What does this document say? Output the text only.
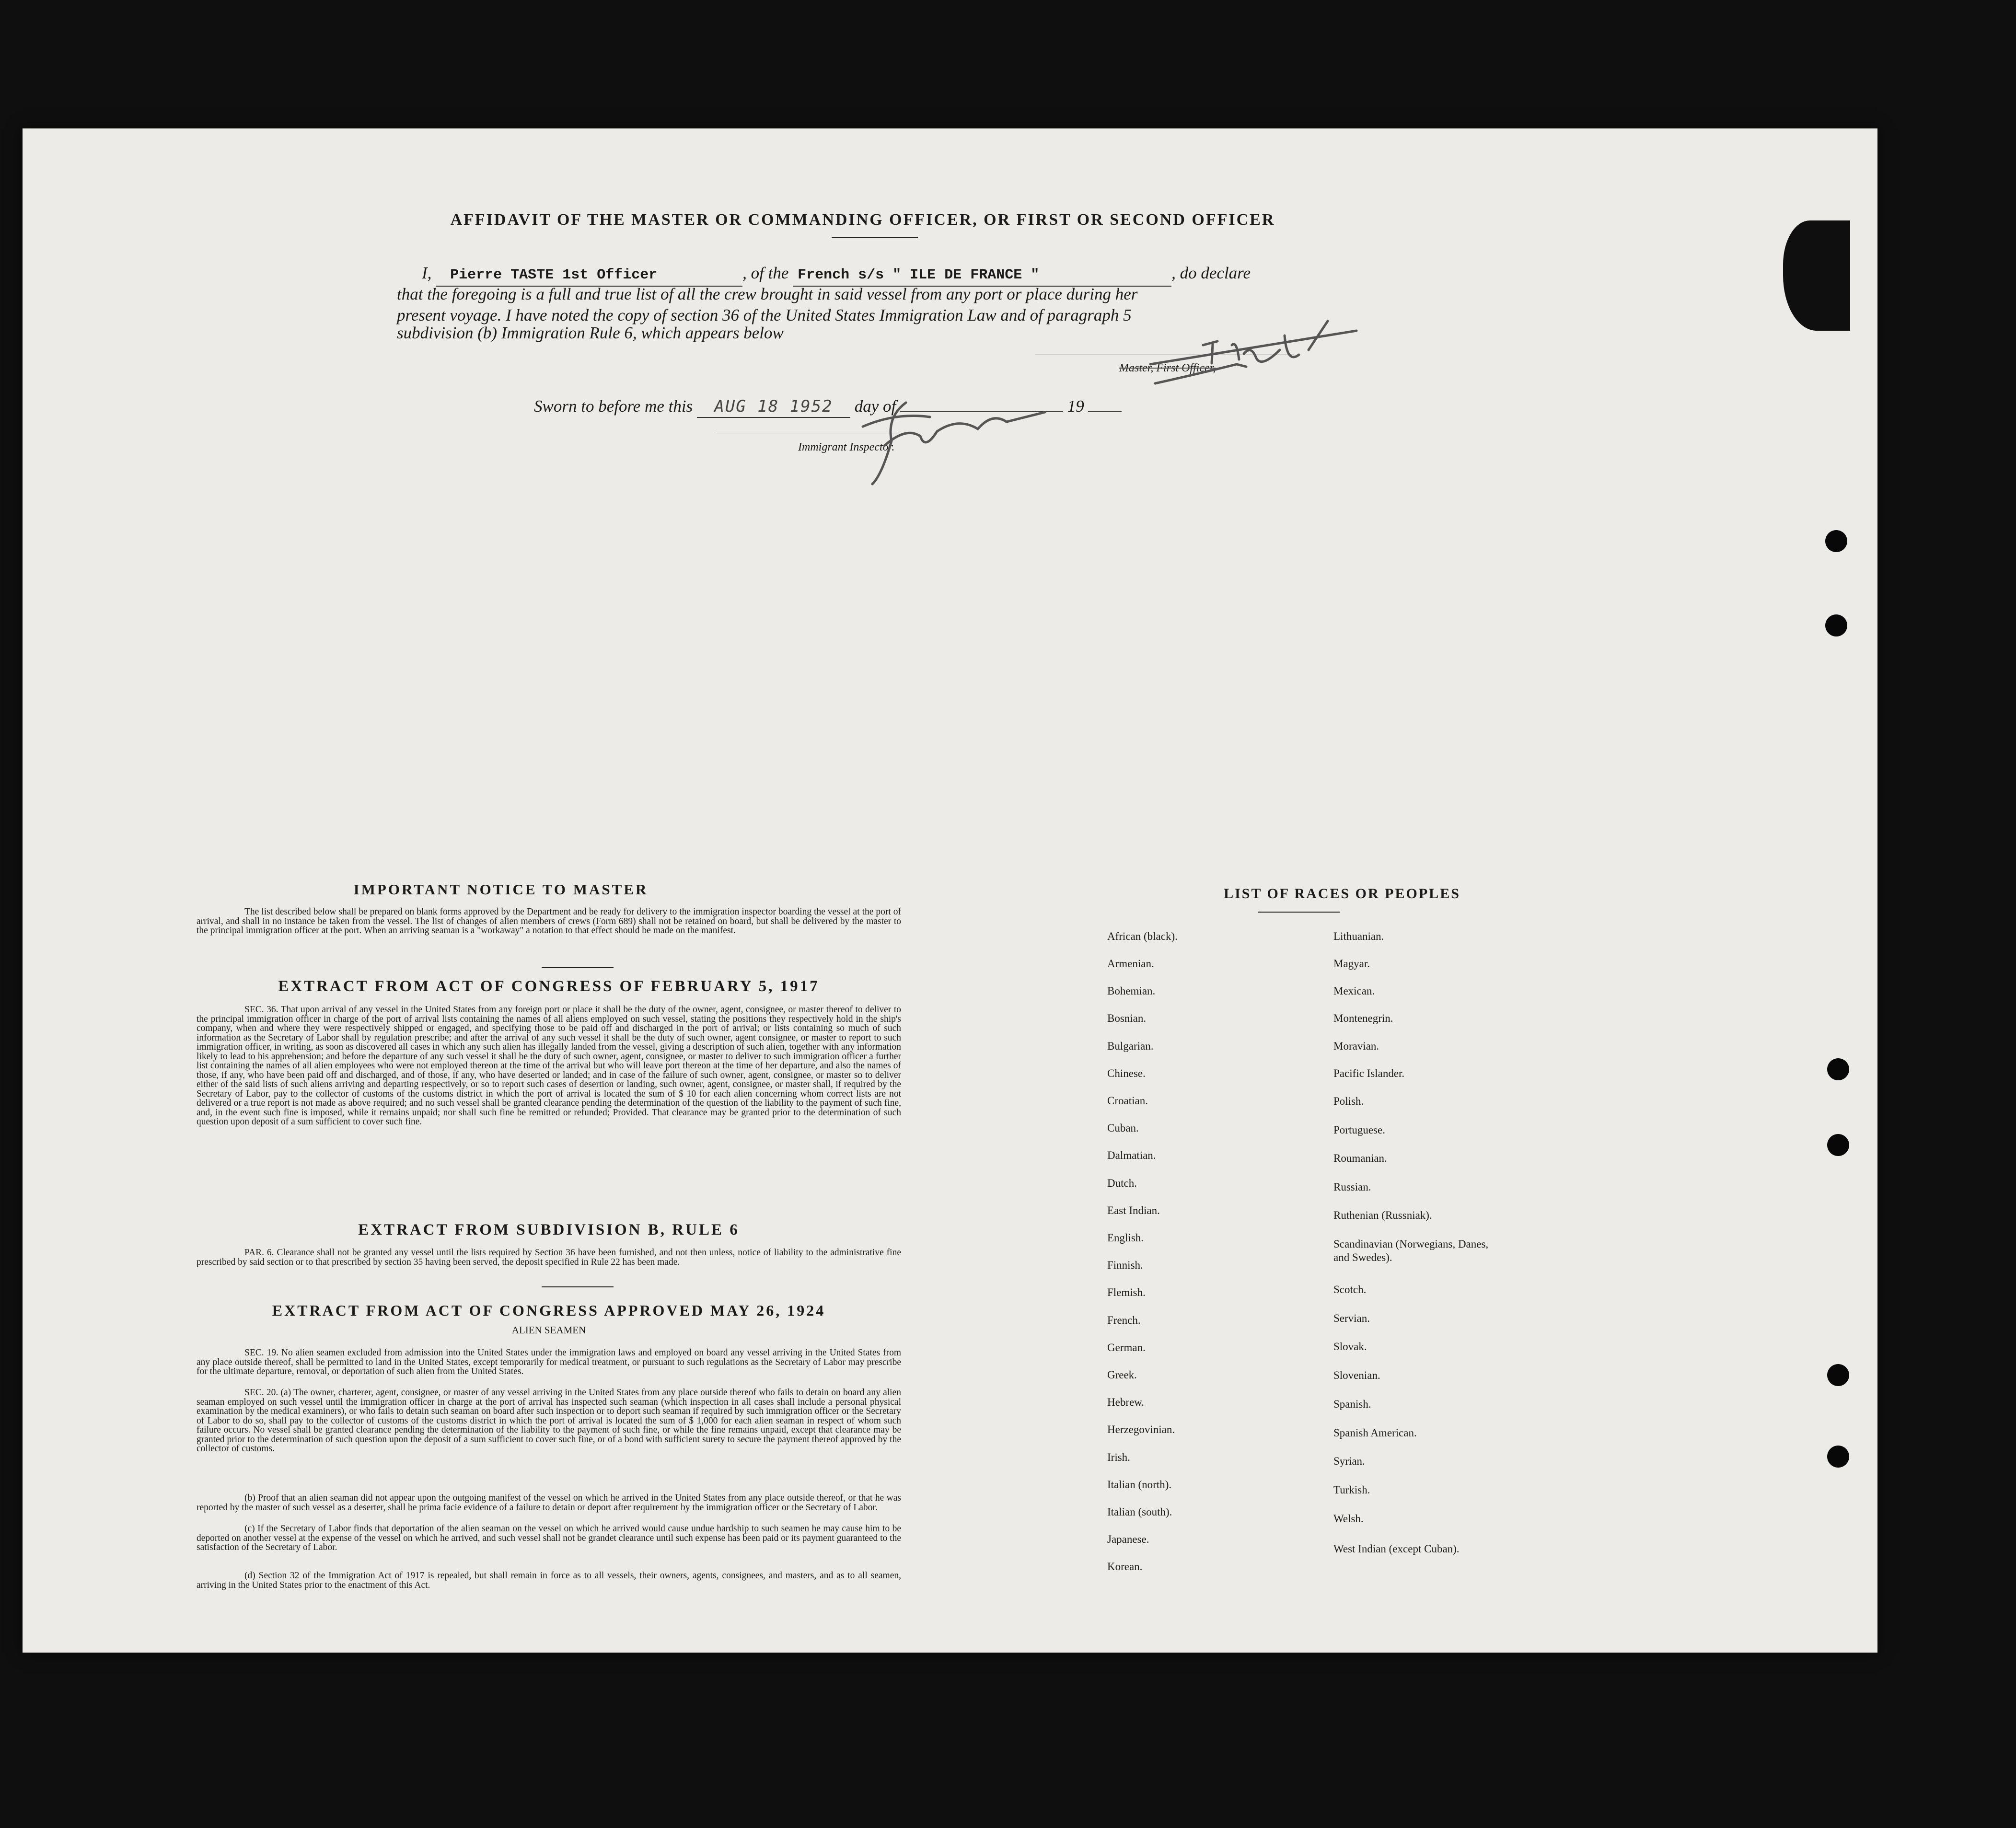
AFFIDAVIT OF THE MASTER OR COMMANDING OFFICER, OR FIRST OR SECOND OFFICER
I, Pierre TASTE 1st Officer	, of the French s/s " ILE DE FRANCE "	, do declare
that the foregoing is a full and true list of all the crew brought in said vessel from any port or place during her
present voyage. I have noted the copy of section 36 of the United States Immigration Law and of paragraph 5
subdivision (b) Immigration Rule 6, which appears below
Master, First Officer,
Sworn to before me this AUG 18 1952 day of	19
Immigrant Inspector.
IMPORTANT NOTICE TO MASTER
The list described below shall be prepared on blank forms approved by the Department and be ready for delivery to the immigration inspector boarding the vessel at the port of arrival, and shall in no instance be taken from the vessel. The list of changes of alien members of crews (Form 689) shall not be retained on board, but shall be delivered by the master to the principal immigration officer at the port. When an arriving seaman is a "workaway" a notation to that effect should be made on the manifest.
EXTRACT FROM ACT OF CONGRESS OF FEBRUARY 5, 1917
SEC. 36. That upon arrival of any vessel in the United States from any foreign port or place it shall be the duty of the owner, agent, consignee, or master thereof to deliver to the principal immigration officer in charge of the port of arrival lists containing the names of all aliens employed on such vessel, stating the positions they respectively hold in the ship's company, when and where they were respectively shipped or engaged, and specifying those to be paid off and discharged in the port of arrival; or lists containing so much of such information as the Secretary of Labor shall by regulation prescribe; and after the arrival of any such vessel it shall be the duty of such owner, agent consignee, or master to report to such immigration officer, in writing, as soon as discovered all cases in which any such alien has illegally landed from the vessel, giving a description of such alien, together with any information likely to lead to his apprehension; and before the departure of any such vessel it shall be the duty of such owner, agent, consignee, or master to deliver to such immigration officer a further list containing the names of all alien employees who were not employed thereon at the time of the arrival but who will leave port thereon at the time of her departure, and also the names of those, if any, who have been paid off and discharged, and of those, if any, who have deserted or landed; and in case of the failure of such owner, agent, consignee, or master so to deliver either of the said lists of such aliens arriving and departing respectively, or so to report such cases of desertion or landing, such owner, agent, consignee, or master shall, if required by the Secretary of Labor, pay to the collector of customs of the customs district in which the port of arrival is located the sum of $ 10 for each alien concerning whom correct lists are not delivered or a true report is not made as above required; and no such vessel shall be granted clearance pending the determination of the question of the liability to the payment of such fine, and, in the event such fine is imposed, while it remains unpaid; nor shall such fine be remitted or refunded; Provided. That clearance may be granted prior to the determination of such question upon deposit of a sum sufficient to cover such fine.
EXTRACT FROM SUBDIVISION B, RULE 6
PAR. 6. Clearance shall not be granted any vessel until the lists required by Section 36 have been furnished, and not then unless, notice of liability to the administrative fine prescribed by said section or to that prescribed by section 35 having been served, the deposit specified in Rule 22 has been made.
EXTRACT FROM ACT OF CONGRESS APPROVED MAY 26, 1924
ALIEN SEAMEN
SEC. 19. No alien seamen excluded from admission into the United States under the immigration laws and employed on board any vessel arriving in the United States from any place outside thereof, shall be permitted to land in the United States, except temporarily for medical treatment, or pursuant to such regulations as the Secretary of Labor may prescribe for the ultimate departure, removal, or deportation of such alien from the United States.
SEC. 20. (a) The owner, charterer, agent, consignee, or master of any vessel arriving in the United States from any place outside thereof who fails to detain on board any alien seaman employed on such vessel until the immigration officer in charge at the port of arrival has inspected such seaman (which inspection in all cases shall include a personal physical examination by the medical examiners), or who fails to detain such seaman on board after such inspection or to deport such seaman if required by such immigration officer or the Secretary of Labor to do so, shall pay to the collector of customs of the customs district in which the port of arrival is located the sum of $ 1,000 for each alien seaman in respect of whom such failure occurs. No vessel shall be granted clearance pending the determination of the liability to the payment of such fine, or while the fine remains unpaid, except that clearance may be granted prior to the determination of such question upon the deposit of a sum sufficient to cover such fine, or of a bond with sufficient surety to secure the payment thereof approved by the collector of customs.
(b) Proof that an alien seaman did not appear upon the outgoing manifest of the vessel on which he arrived in the United States from any place outside thereof, or that he was reported by the master of such vessel as a deserter, shall be prima facie evidence of a failure to detain or deport after requirement by the immigration officer or the Secretary of Labor.
(c) If the Secretary of Labor finds that deportation of the alien seaman on the vessel on which he arrived would cause undue hardship to such seamen he may cause him to be deported on another vessel at the expense of the vessel on which he arrived, and such vessel shall not be grandet clearance until such expense has been paid or its payment guaranteed to the satisfaction of the Secretary of Labor.
(d) Section 32 of the Immigration Act of 1917 is repealed, but shall remain in force as to all vessels, their owners, agents, consignees, and masters, and as to all seamen, arriving in the United States prior to the enactment of this Act.
LIST OF RACES OR PEOPLES
African (black).
Armenian.
Bohemian.
Bosnian.
Bulgarian.
Chinese.
Croatian.
Cuban.
Dalmatian.
Dutch.
East Indian.
English.
Finnish.
Flemish.
French.
German.
Greek.
Hebrew.
Herzegovinian.
Irish.
Italian (north).
Italian (south).
Japanese.
Korean.
Lithuanian.
Magyar.
Mexican.
Montenegrin.
Moravian.
Pacific Islander.
Polish.
Portuguese.
Roumanian.
Russian.
Ruthenian (Russniak).
Scandinavian (Norwegians, Danes, and Swedes).
Scotch.
Servian.
Slovak.
Slovenian.
Spanish.
Spanish American.
Syrian.
Turkish.
Welsh.
West Indian (except Cuban).
